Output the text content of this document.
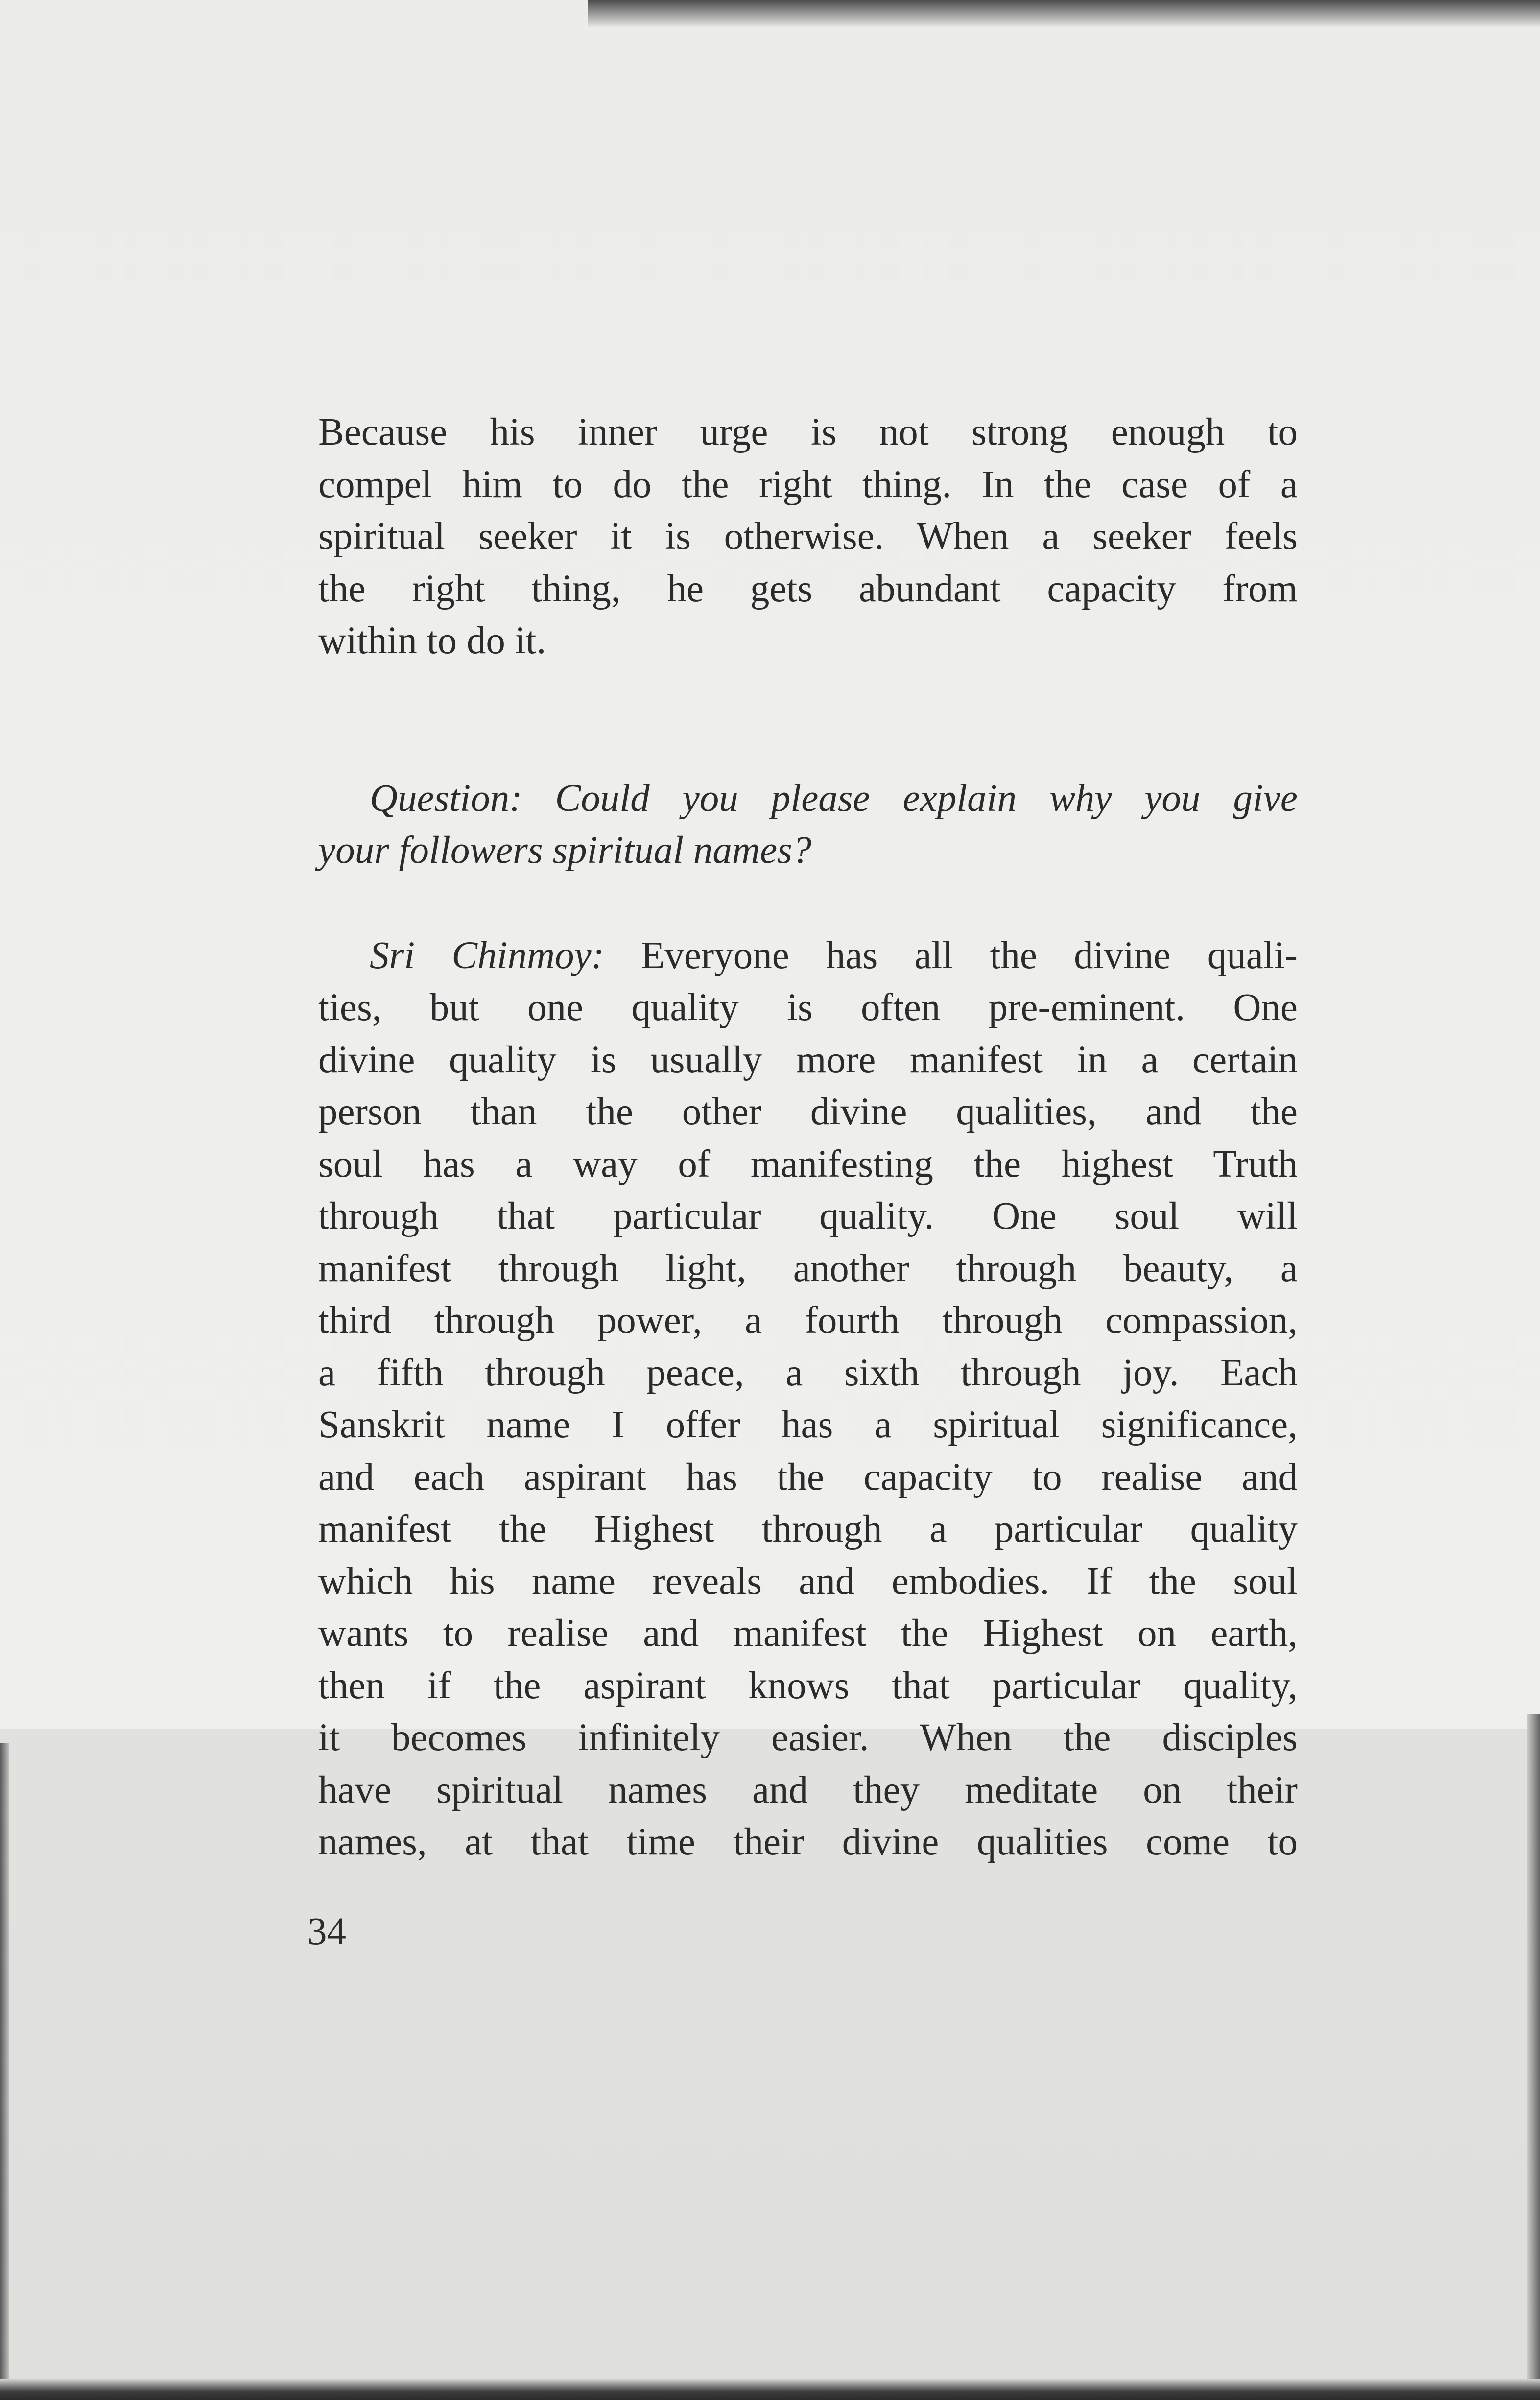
Because his inner urge is not strong enough to
compel him to do the right thing. In the case of a
spiritual seeker it is otherwise. When a seeker feels
the right thing, he gets abundant capacity from
within to do it.
Question: Could you please explain why you give
your followers spiritual names?
Sri Chinmoy: Everyone has all the divine quali-
ties, but one quality is often pre-eminent. One
divine quality is usually more manifest in a certain
person than the other divine qualities, and the
soul has a way of manifesting the highest Truth
through that particular quality. One soul will
manifest through light, another through beauty, a
third through power, a fourth through compassion,
a fifth through peace, a sixth through joy. Each
Sanskrit name I offer has a spiritual significance,
and each aspirant has the capacity to realise and
manifest the Highest through a particular quality
which his name reveals and embodies. If the soul
wants to realise and manifest the Highest on earth,
then if the aspirant knows that particular quality,
it becomes infinitely easier. When the disciples
have spiritual names and they meditate on their
names, at that time their divine qualities come to
34
